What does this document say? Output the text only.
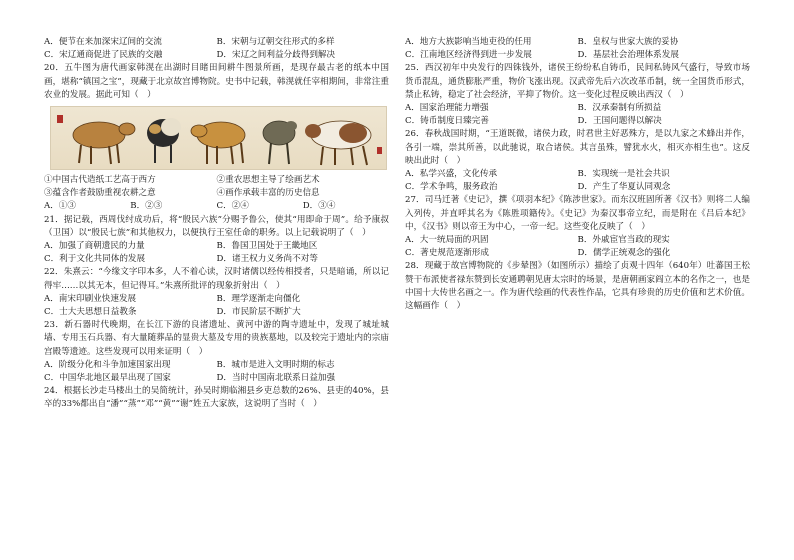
A．便节在来加深宋辽间的交流	B．宋朝与辽朝交往形式的多样
C．宋辽通商促进了民族的交融	D．宋辽之间利益分歧得到解决
20．五牛图为唐代画家韩滉在出湖时目睹田间耕牛图景所画，是现存最古老的纸本中国画，堪称“镇国之宝”，现藏于北京故宫博物院。史书中记载，韩滉就任宰相期间，非常注重农业的发展。据此可知（　）
①中国古代造纸工艺高于西方	②重农思想主导了绘画艺术
③蕴含作者鼓励重视农耕之意	④画作承载丰富的历史信息
A．①③	B．②③	C．②④	D．③④
21．据记载，西周伐纣成功后，将“殷民六族”分赐予鲁公，使其“用即命于周”。给予康叔（卫国）以“殷民七族”和其他权力，以便执行王室任命的职务。以上记载说明了（　）
A．加强了商朝遗民的力量	B．鲁国卫国处于王畿地区
C．利于文化共同体的发展	D．诸王权力义务尚不对等
22．朱熹云：“今缘文字印本多，人不着心读，汉时诸儒以经传相授者，只是暗诵，所以记得牢……以其无本，但记得耳。”朱熹所批评的现象折射出（　）
A．南宋印刷业快速发展	B．理学逐渐走向僵化
C．士大夫思想日益教条	D．市民阶层不断扩大
23．新石器时代晚期，在长江下游的良渚遗址、黄河中游的陶寺遗址中，发现了城址城墙、专用玉石兵器、有大量随葬品的显贵大墓及专用的贵族墓地，以及较完于遗址内的宗庙宫殿等遗迹。这些发现可以用来证明（　）
A．阶级分化和斗争加速国家出现	B．城市是进入文明时期的标志
C．中国华北地区最早出现了国家	D．当时中国南北联系日益加强
24．根据长沙走马楼出土的吴简统计，孙吴时期临湘县乡吏总数的26%、县吏的40%，县卒的33%都出自“潘”“蒸”“邓”“黄”“谢”姓五大家族，这说明了当时（　）
A．地方大族影响当地吏役的任用	B．皇权与世家大族的妥协
C．江南地区经济得到进一步发展	D．基层社会治理体系发展
25．西汉初年中央发行的四铢钱外，诸侯王纷纷私自铸币，民间私铸风气盛行，导致市场货币混乱，通货膨胀严重，物价飞涨出现。汉武帝先后六次改革币制，统一全国货币形式，禁止私铸，稳定了社会经济，平抑了物价。这一变化过程反映出西汉（　）
A．国家治理能力增强	B．汉承秦制有所损益
C．铸币制度日臻完善	D．王国问题得以解决
26．春秋战国时期，“王道既微，诸侯力政，时君世主好恶殊方，是以九家之术蜂出并作，各引一端，崇其所善，以此驰说，取合诸侯。其言虽殊，譬犹水火，相灭亦相生也”。这反映出此时（　）
A．私学兴盛，文化传承	B．实现统一是社会共识
C．学术争鸣，服务政治	D．产生了华夏认同观念
27．司马迁著《史记》，撰《项羽本纪》《陈涉世家》。而东汉班固所著《汉书》则将二人编入列传，并直呼其名为《陈胜项籍传》。《史记》为秦汉事帝立纪，而是附在《吕后本纪》中，《汉书》则以帝王为中心，一帝一纪。这些变化反映了（　）
A．大一统局面的巩固	B．外戚宦官当政的现实
C．著史规范逐渐形成	D．儒学正统观念的强化
28．现藏于故宫博物院的《步辇图》（如图所示）描绘了贞观十四年（640年）吐蕃国王松赞干布派使者禄东赞到长安通聘朝见唐太宗时的场景，是唐朝画家阎立本的名作之一，也是中国十大传世名画之一。作为唐代绘画的代表性作品，它具有珍贵的历史价值和艺术价值。这幅画作（　）
